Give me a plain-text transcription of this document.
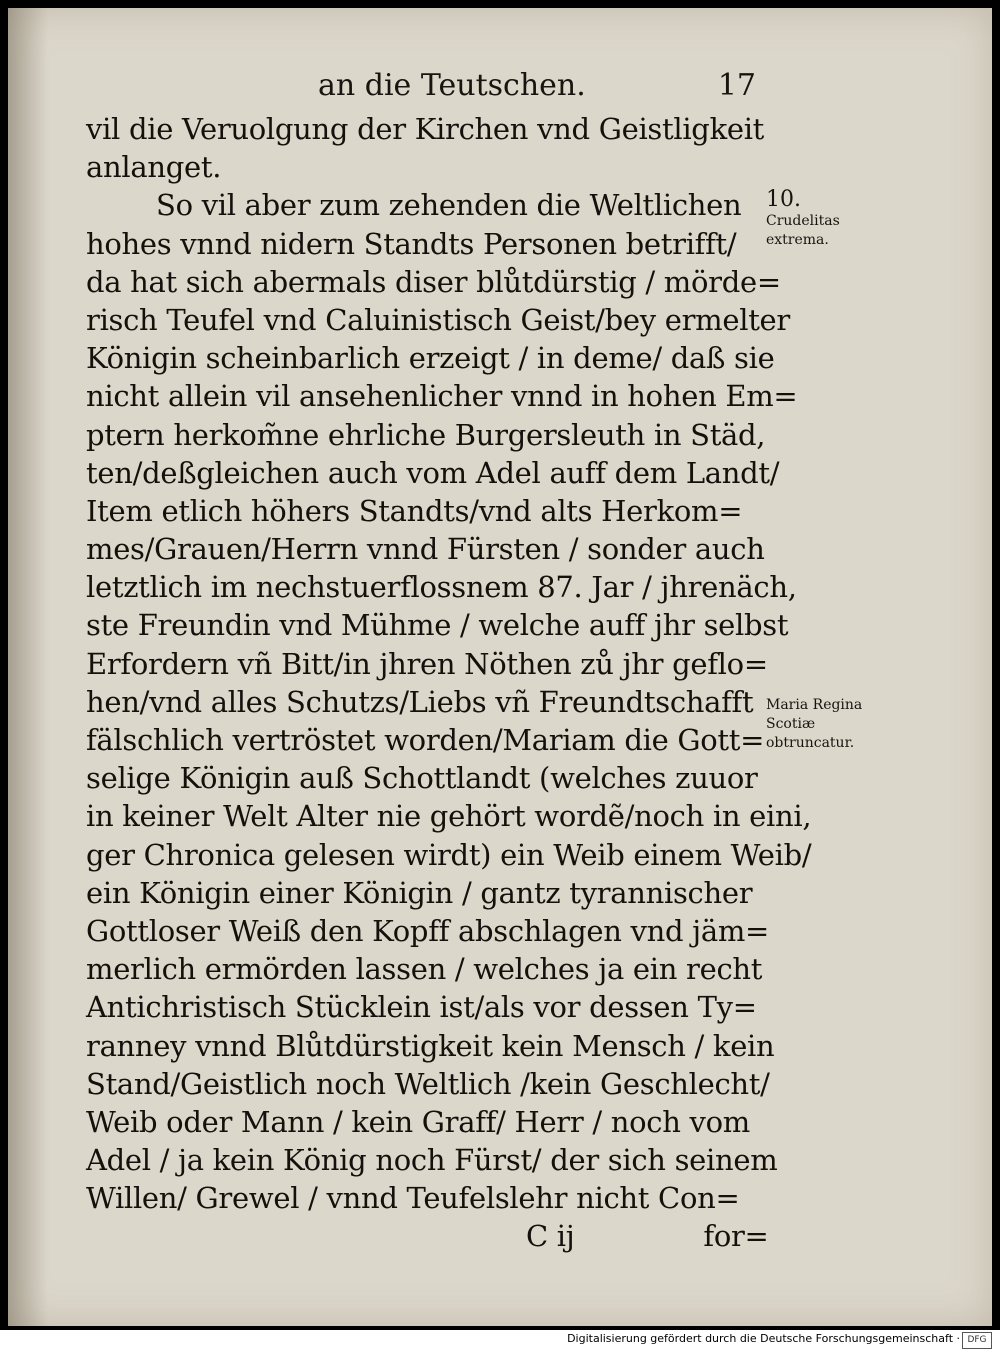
an die Teutschen.	17
vil die Veruolgung der Kirchen vnd Geistligkeit
anlanget.
So vil aber zum zehenden die Weltlichen
hohes vnnd nidern Standts Personen betrifft/
da hat sich abermals diser blůtdürstig / mörde=
risch Teufel vnd Caluinistisch Geist/bey ermelter
Königin scheinbarlich erzeigt / in deme/ daß sie
nicht allein vil ansehenlicher vnnd in hohen Em=
ptern herkom̃ne ehrliche Burgersleuth in Städ,
ten/deßgleichen auch vom Adel auff dem Landt/
Item etlich höhers Standts/vnd alts Herkom=
mes/Grauen/Herrn vnnd Fürsten / sonder auch
letztlich im nechstuerflossnem 87. Jar / jhrenäch,
ste Freundin vnd Mühme / welche auff jhr selbst
Erfordern vñ Bitt/in jhren Nöthen zů jhr geflo=
hen/vnd alles Schutzs/Liebs vñ Freundtschafft
fälschlich vertröstet worden/Mariam die Gott=
selige Königin auß Schottlandt (welches zuuor
in keiner Welt Alter nie gehört wordẽ/noch in eini,
ger Chronica gelesen wirdt) ein Weib einem Weib/
ein Königin einer Königin / gantz tyrannischer
Gottloser Weiß den Kopff abschlagen vnd jäm=
merlich ermörden lassen / welches ja ein recht
Antichristisch Stücklein ist/als vor dessen Ty=
ranney vnnd Blůtdürstigkeit kein Mensch / kein
Stand/Geistlich noch Weltlich /kein Geschlecht/
Weib oder Mann / kein Graff/ Herr / noch vom
Adel / ja kein König noch Fürst/ der sich seinem
Willen/ Grewel / vnnd Teufelslehr nicht Con=
C ij	for=
10.
Crudelitas extrema.
Maria Regina Scotiæ obtruncatur.
Digitalisierung gefördert durch die Deutsche Forschungsgemeinschaft · DFG
